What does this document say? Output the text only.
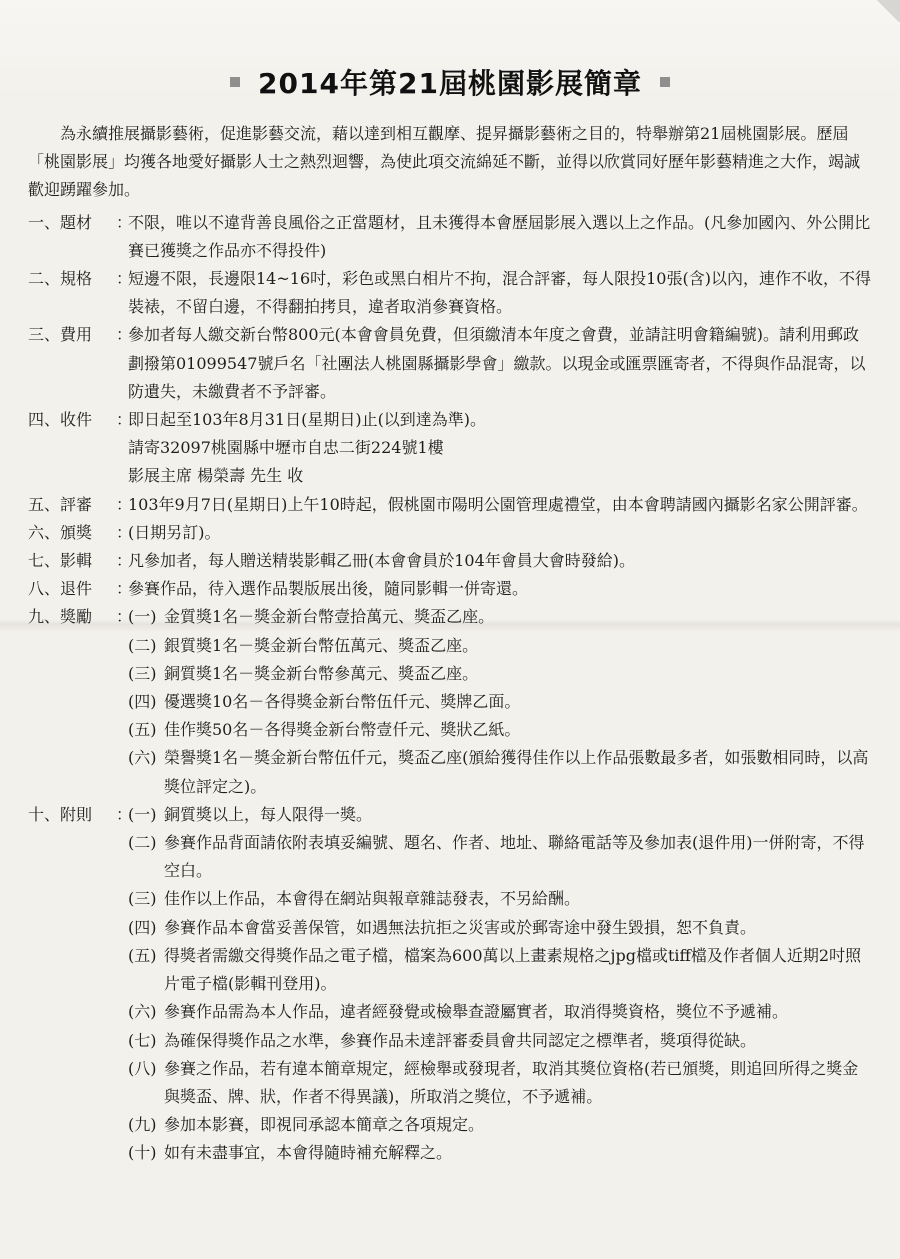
2014年第21屆桃園影展簡章

為永續推展攝影藝術，促進影藝交流，藉以達到相互觀摩、提昇攝影藝術之目的，特舉辦第21屆桃園影展。歷屆「桃園影展」均獲各地愛好攝影人士之熱烈迴響，為使此項交流綿延不斷，並得以欣賞同好歷年影藝精進之大作，竭誠歡迎踴躍參加。

一、題材	：

不限，唯以不違背善良風俗之正當題材，且未獲得本會歷屆影展入選以上之作品。(凡參加國內、外公開比賽已獲獎之作品亦不得投件)

二、規格	：

短邊不限，長邊限14~16吋，彩色或黑白相片不拘，混合評審，每人限投10張(含)以內，連作不收，不得裝裱，不留白邊，不得翻拍拷貝，違者取消參賽資格。

三、費用	：

參加者每人繳交新台幣800元(本會會員免費，但須繳清本年度之會費，並請註明會籍編號)。請利用郵政劃撥第01099547號戶名「社團法人桃園縣攝影學會」繳款。以現金或匯票匯寄者，不得與作品混寄，以防遺失，未繳費者不予評審。

四、收件	：

即日起至103年8月31日(星期日)止(以到達為準)。

請寄32097桃園縣中壢市自忠二街224號1樓

影展主席 楊榮壽 先生 收

五、評審	：

103年9月7日(星期日)上午10時起，假桃園市陽明公園管理處禮堂，由本會聘請國內攝影名家公開評審。

六、頒獎	：

(日期另訂)。

七、影輯	：

凡參加者，每人贈送精裝影輯乙冊(本會會員於104年會員大會時發給)。

八、退件	：

參賽作品，待入選作品製版展出後，隨同影輯一併寄還。

九、獎勵	：
(一) 金質獎1名－獎金新台幣壹拾萬元、獎盃乙座。
(二) 銀質獎1名－獎金新台幣伍萬元、獎盃乙座。
(三) 銅質獎1名－獎金新台幣參萬元、獎盃乙座。
(四) 優選獎10名－各得獎金新台幣伍仟元、獎牌乙面。
(五) 佳作獎50名－各得獎金新台幣壹仟元、獎狀乙紙。
(六) 榮譽獎1名－獎金新台幣伍仟元，獎盃乙座(頒給獲得佳作以上作品張數最多者，如張數相同時，以高獎位評定之)。
十、附則	：
(一) 銅質獎以上，每人限得一獎。
(二) 參賽作品背面請依附表填妥編號、題名、作者、地址、聯絡電話等及參加表(退件用)一併附寄，不得空白。
(三) 佳作以上作品，本會得在網站與報章雜誌發表，不另給酬。
(四) 參賽作品本會當妥善保管，如遇無法抗拒之災害或於郵寄途中發生毀損，恕不負責。
(五) 得獎者需繳交得獎作品之電子檔，檔案為600萬以上畫素規格之jpg檔或tiff檔及作者個人近期2吋照片電子檔(影輯刊登用)。
(六) 參賽作品需為本人作品，違者經發覺或檢舉查證屬實者，取消得獎資格，獎位不予遞補。
(七) 為確保得獎作品之水準，參賽作品未達評審委員會共同認定之標準者，獎項得從缺。
(八) 參賽之作品，若有違本簡章規定，經檢舉或發現者，取消其獎位資格(若已頒獎，則追回所得之獎金與獎盃、牌、狀，作者不得異議)，所取消之獎位，不予遞補。
(九) 參加本影賽，即視同承認本簡章之各項規定。
(十) 如有未盡事宜，本會得隨時補充解釋之。
